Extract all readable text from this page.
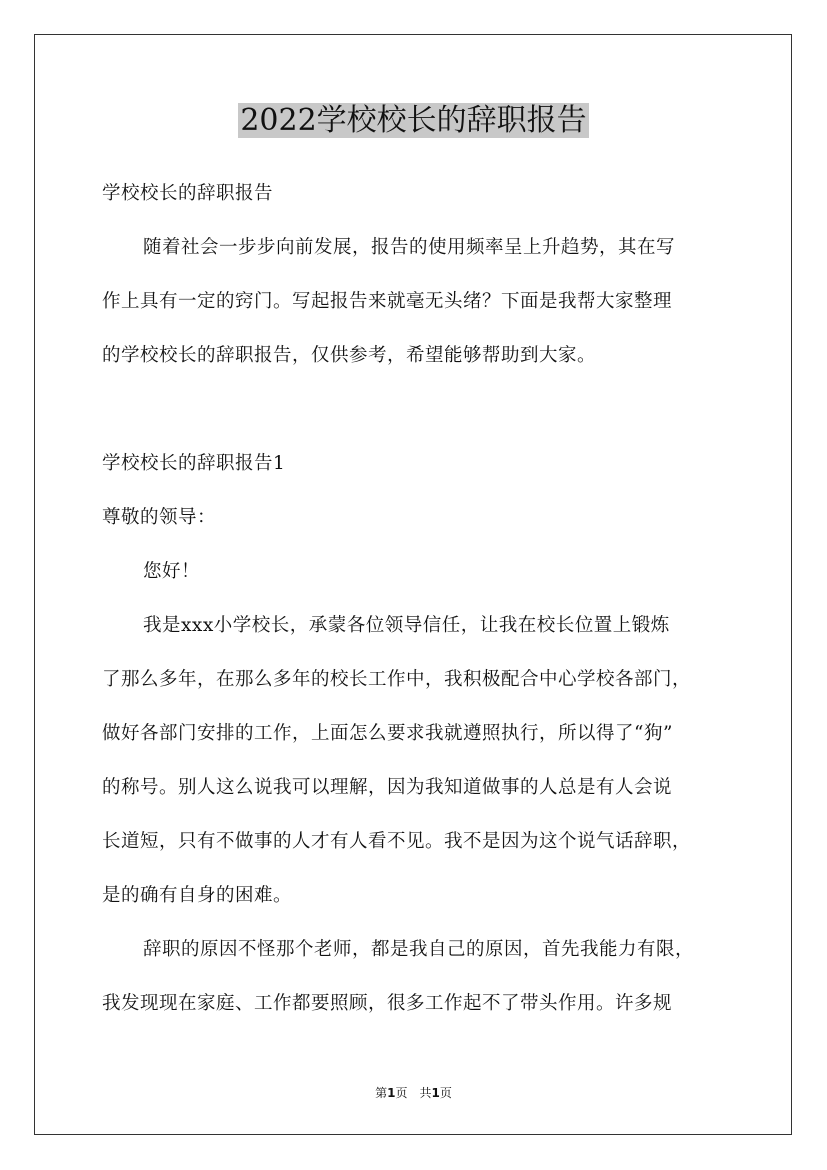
2022学校校长的辞职报告
学校校长的辞职报告
随着社会一步步向前发展，报告的使用频率呈上升趋势，其在写
作上具有一定的窍门。写起报告来就毫无头绪？下面是我帮大家整理
的学校校长的辞职报告，仅供参考，希望能够帮助到大家。
学校校长的辞职报告1
尊敬的领导：
您好！
我是xxx小学校长，承蒙各位领导信任，让我在校长位置上锻炼
了那么多年，在那么多年的校长工作中，我积极配合中心学校各部门，
做好各部门安排的工作，上面怎么要求我就遵照执行，所以得了“狗”
的称号。别人这么说我可以理解，因为我知道做事的人总是有人会说
长道短，只有不做事的人才有人看不见。我不是因为这个说气话辞职，
是的确有自身的困难。
辞职的原因不怪那个老师，都是我自己的原因，首先我能力有限，
我发现现在家庭、工作都要照顾，很多工作起不了带头作用。许多规
第1页　共1页
